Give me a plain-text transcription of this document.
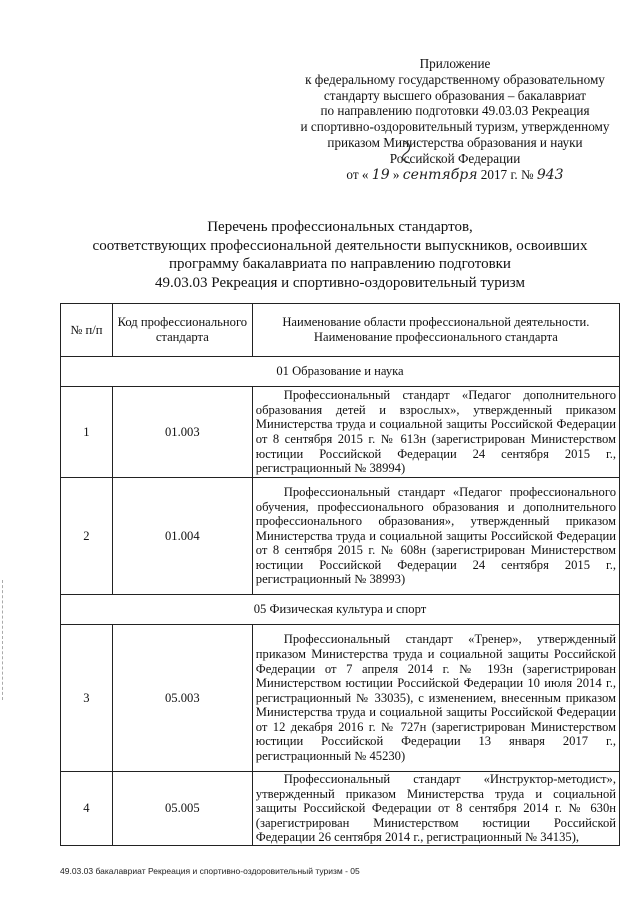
Приложение
к федеральному государственному образовательному
стандарту высшего образования – бакалавриат
по направлению подготовки 49.03.03 Рекреация
и спортивно-оздоровительный туризм, утвержденному
приказом Министерства образования и науки
Российской Федерации
от « 19 » сентября 2017 г. № 943
Перечень профессиональных стандартов,
соответствующих профессиональной деятельности выпускников, освоивших
программу бакалавриата по направлению подготовки
49.03.03 Рекреация и спортивно-оздоровительный туризм
№ п/п	Код профессионального стандарта	Наименование области профессиональной деятельности. Наименование профессионального стандарта
01 Образование и наука		
1	01.003	Профессиональный стандарт «Педагог дополнительного образования детей и взрослых», утвержденный приказом Министерства труда и социальной защиты Российской Федерации от 8 сентября 2015 г. № 613н (зарегистрирован Министерством юстиции Российской Федерации 24 сентября 2015 г., регистрационный № 38994)
2	01.004	Профессиональный стандарт «Педагог профессионального обучения, профессионального образования и дополнительного профессионального образования», утвержденный приказом Министерства труда и социальной защиты Российской Федерации от 8 сентября 2015 г. № 608н (зарегистрирован Министерством юстиции Российской Федерации 24 сентября 2015 г., регистрационный № 38993)
05 Физическая культура и спорт		
3	05.003	Профессиональный стандарт «Тренер», утвержденный приказом Министерства труда и социальной защиты Российской Федерации от 7 апреля 2014 г. № 193н (зарегистрирован Министерством юстиции Российской Федерации 10 июля 2014 г., регистрационный № 33035), с изменением, внесенным приказом Министерства труда и социальной защиты Российской Федерации от 12 декабря 2016 г. № 727н (зарегистрирован Министерством юстиции Российской Федерации 13 января 2017 г., регистрационный № 45230)
4	05.005	Профессиональный стандарт «Инструктор-методист», утвержденный приказом Министерства труда и социальной защиты Российской Федерации от 8 сентября 2014 г. № 630н (зарегистрирован Министерством юстиции Российской Федерации 26 сентября 2014 г., регистрационный № 34135),
49.03.03 бакалавриат Рекреация и спортивно-оздоровительный туризм - 05
